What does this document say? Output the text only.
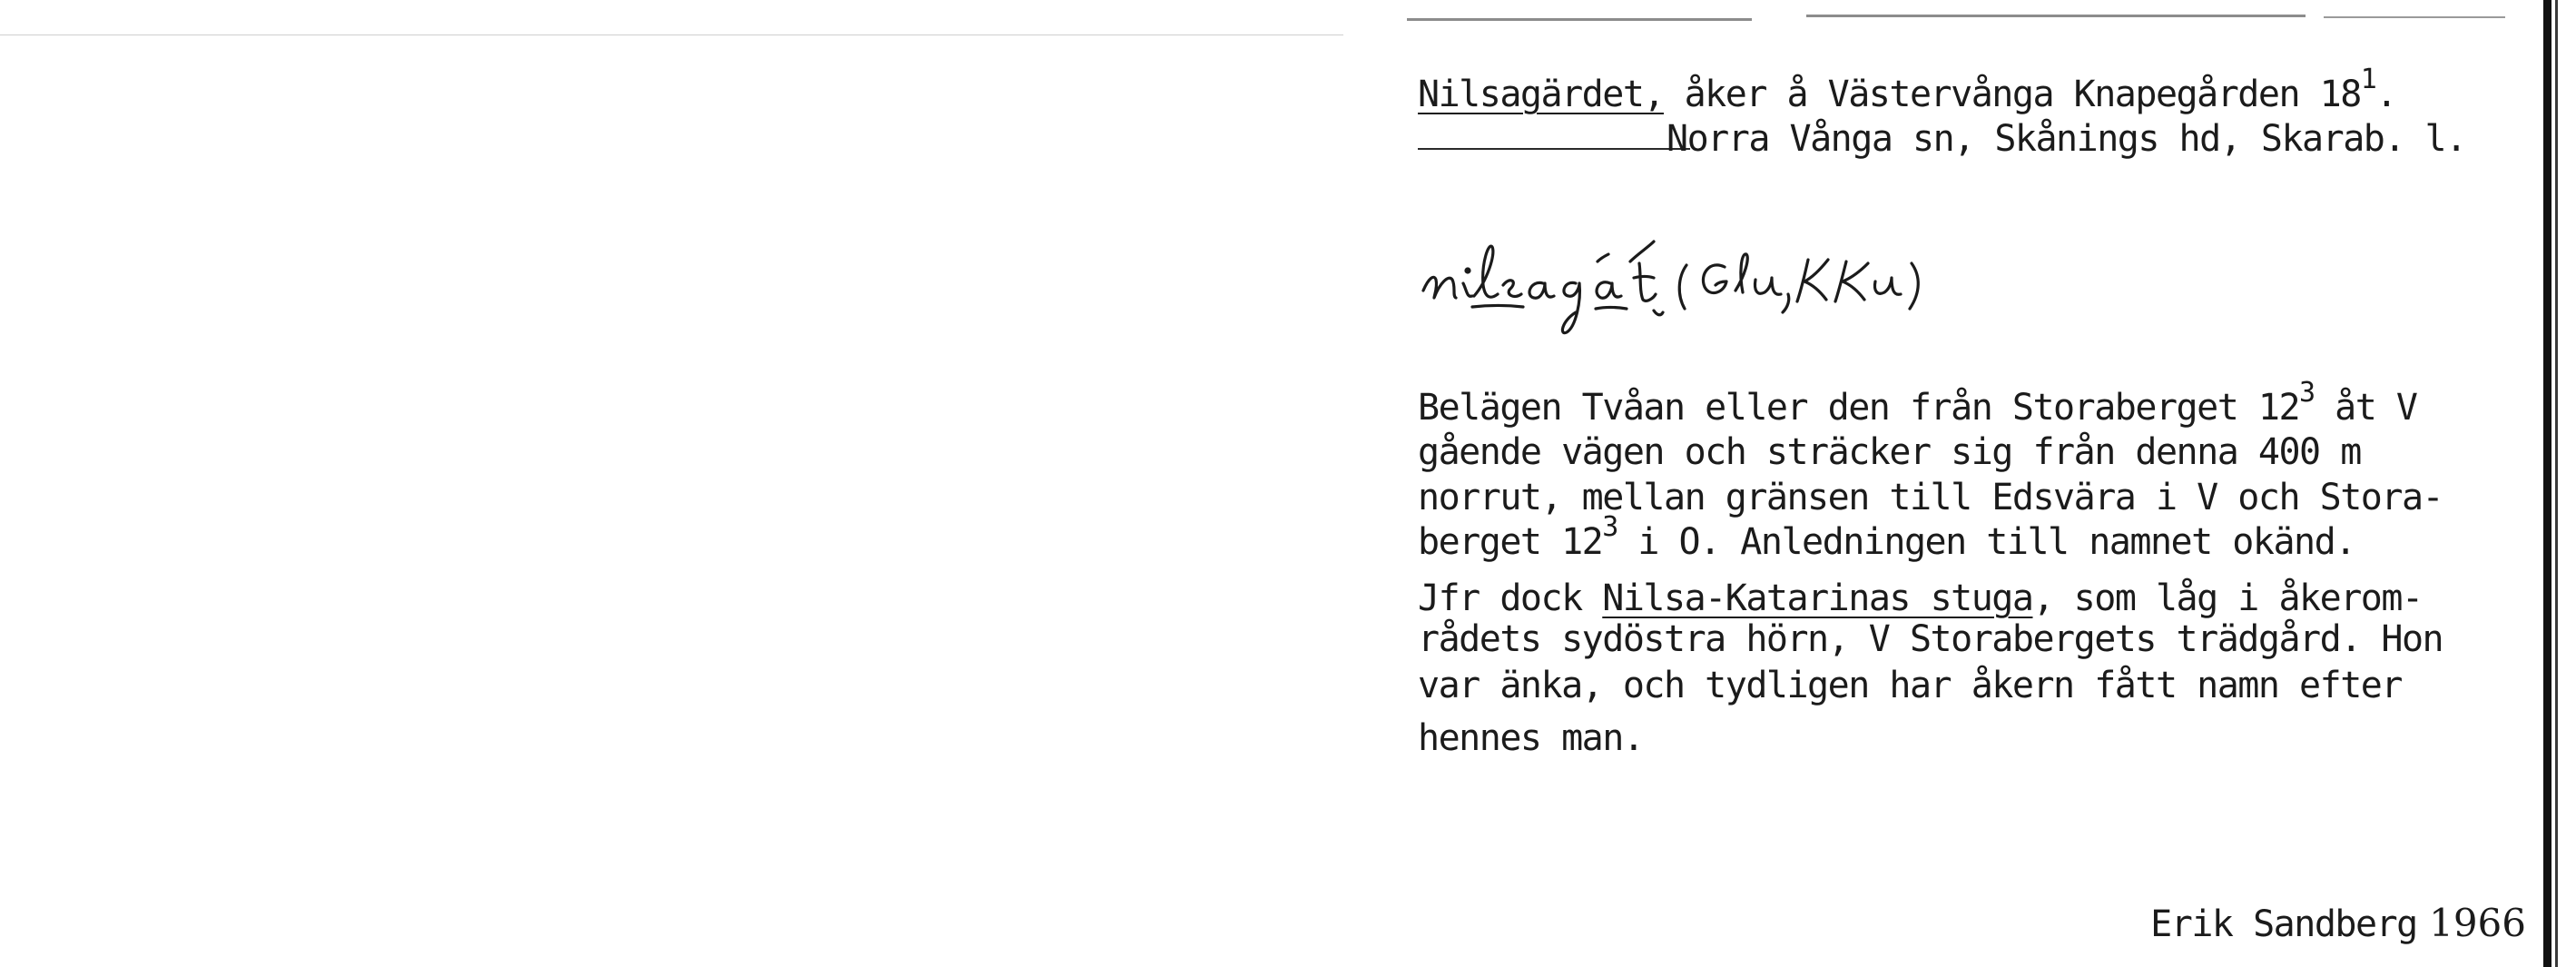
Nilsagärdet, åker å Västervånga Knapegården $18^1$.
Norra Vånga sn, Skånings hd, Skarab. l.
Belägen Tvåan eller den från Storaberget $12^3$ åt V
gående vägen och sträcker sig från denna 400 m
norrut, mellan gränsen till Edsvära i V och Stora-
berget $12^3$ i O. Anledningen till namnet okänd.
Jfr dock Nilsa-Katarinas stuga, som låg i åkerom-
rådets sydöstra hörn, V Storabergets trädgård. Hon
var änka, och tydligen har åkern fått namn efter
hennes man.
Erik Sandberg 1966
